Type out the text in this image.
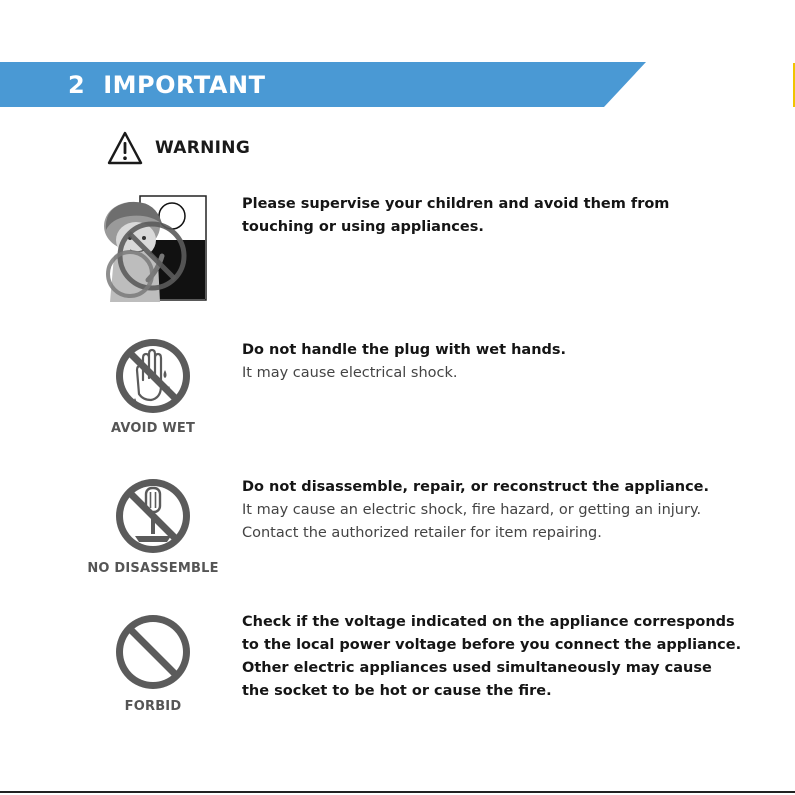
2 IMPORTANT
WARNING
Please supervise your children and avoid them from
touching or using appliances.
AVOID WET
Do not handle the plug with wet hands.
It may cause electrical shock.
NO DISASSEMBLE
Do not disassemble, repair, or reconstruct the appliance.
It may cause an electric shock, fire hazard, or getting an injury.
Contact the authorized retailer for item repairing.
FORBID
Check if the voltage indicated on the appliance corresponds
to the local power voltage before you connect the appliance.
Other electric appliances used simultaneously may cause
the socket to be hot or cause the fire.
